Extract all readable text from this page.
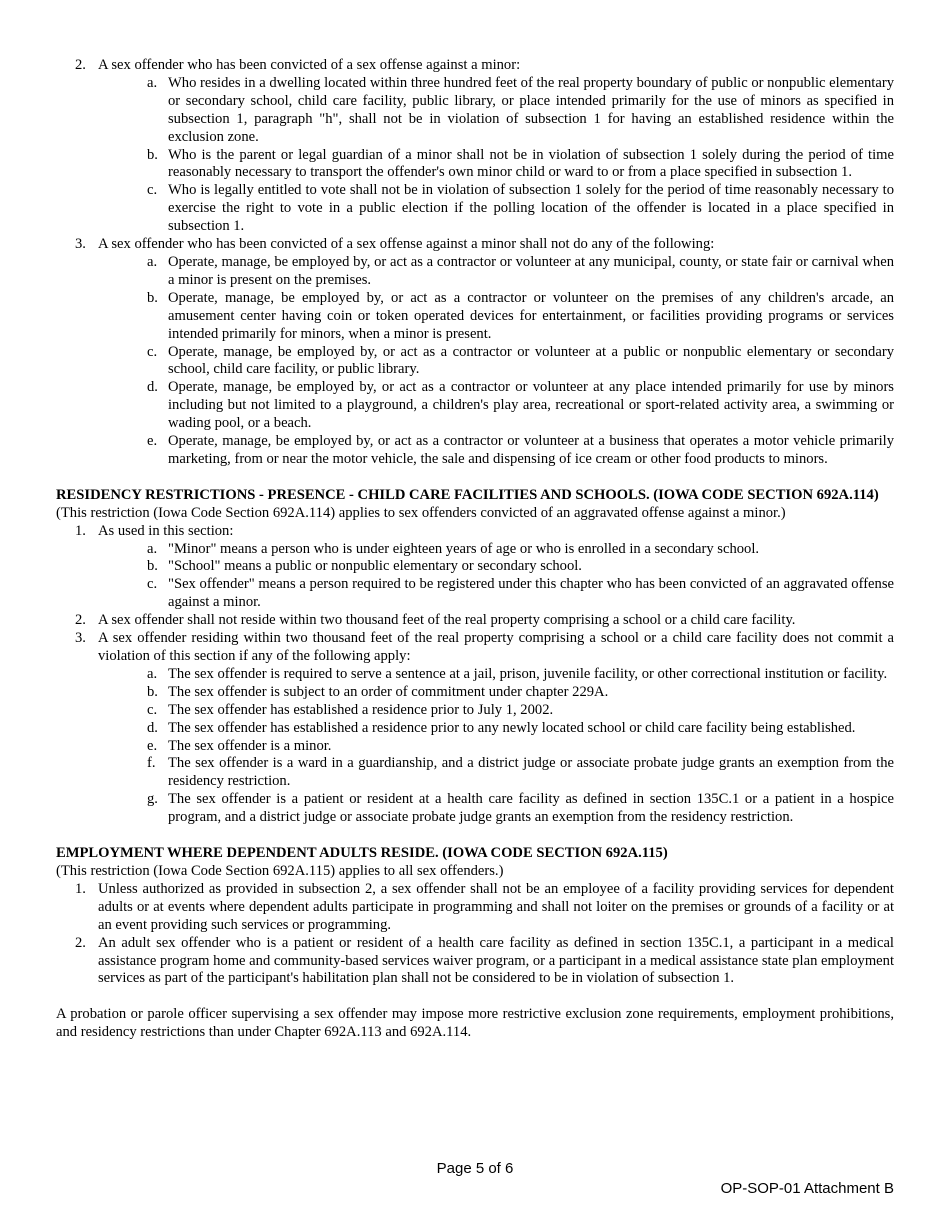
2. A sex offender who has been convicted of a sex offense against a minor:
a. Who resides in a dwelling located within three hundred feet of the real property boundary of public or nonpublic elementary or secondary school, child care facility, public library, or place intended primarily for the use of minors as specified in subsection 1, paragraph "h", shall not be in violation of subsection 1 for having an established residence within the exclusion zone.
b. Who is the parent or legal guardian of a minor shall not be in violation of subsection 1 solely during the period of time reasonably necessary to transport the offender's own minor child or ward to or from a place specified in subsection 1.
c. Who is legally entitled to vote shall not be in violation of subsection 1 solely for the period of time reasonably necessary to exercise the right to vote in a public election if the polling location of the offender is located in a place specified in subsection 1.
3. A sex offender who has been convicted of a sex offense against a minor shall not do any of the following:
a. Operate, manage, be employed by, or act as a contractor or volunteer at any municipal, county, or state fair or carnival when a minor is present on the premises.
b. Operate, manage, be employed by, or act as a contractor or volunteer on the premises of any children's arcade, an amusement center having coin or token operated devices for entertainment, or facilities providing programs or services intended primarily for minors, when a minor is present.
c. Operate, manage, be employed by, or act as a contractor or volunteer at a public or nonpublic elementary or secondary school, child care facility, or public library.
d. Operate, manage, be employed by, or act as a contractor or volunteer at any place intended primarily for use by minors including but not limited to a playground, a children's play area, recreational or sport-related activity area, a swimming or wading pool, or a beach.
e. Operate, manage, be employed by, or act as a contractor or volunteer at a business that operates a motor vehicle primarily marketing, from or near the motor vehicle, the sale and dispensing of ice cream or other food products to minors.
RESIDENCY RESTRICTIONS - PRESENCE - CHILD CARE FACILITIES AND SCHOOLS. (IOWA CODE SECTION 692A.114)
(This restriction (Iowa Code Section 692A.114) applies to sex offenders convicted of an aggravated offense against a minor.)
1. As used in this section:
a. "Minor" means a person who is under eighteen years of age or who is enrolled in a secondary school.
b. "School" means a public or nonpublic elementary or secondary school.
c. "Sex offender" means a person required to be registered under this chapter who has been convicted of an aggravated offense against a minor.
2. A sex offender shall not reside within two thousand feet of the real property comprising a school or a child care facility.
3. A sex offender residing within two thousand feet of the real property comprising a school or a child care facility does not commit a violation of this section if any of the following apply:
a. The sex offender is required to serve a sentence at a jail, prison, juvenile facility, or other correctional institution or facility.
b. The sex offender is subject to an order of commitment under chapter 229A.
c. The sex offender has established a residence prior to July 1, 2002.
d. The sex offender has established a residence prior to any newly located school or child care facility being established.
e. The sex offender is a minor.
f. The sex offender is a ward in a guardianship, and a district judge or associate probate judge grants an exemption from the residency restriction.
g. The sex offender is a patient or resident at a health care facility as defined in section 135C.1 or a patient in a hospice program, and a district judge or associate probate judge grants an exemption from the residency restriction.
EMPLOYMENT WHERE DEPENDENT ADULTS RESIDE. (IOWA CODE SECTION 692A.115)
(This restriction (Iowa Code Section 692A.115) applies to all sex offenders.)
1. Unless authorized as provided in subsection 2, a sex offender shall not be an employee of a facility providing services for dependent adults or at events where dependent adults participate in programming and shall not loiter on the premises or grounds of a facility or at an event providing such services or programming.
2. An adult sex offender who is a patient or resident of a health care facility as defined in section 135C.1, a participant in a medical assistance program home and community-based services waiver program, or a participant in a medical assistance state plan employment services as part of the participant's habilitation plan shall not be considered to be in violation of subsection 1.
A probation or parole officer supervising a sex offender may impose more restrictive exclusion zone requirements, employment prohibitions, and residency restrictions than under Chapter 692A.113 and 692A.114.
Page 5 of 6
OP-SOP-01 Attachment B
